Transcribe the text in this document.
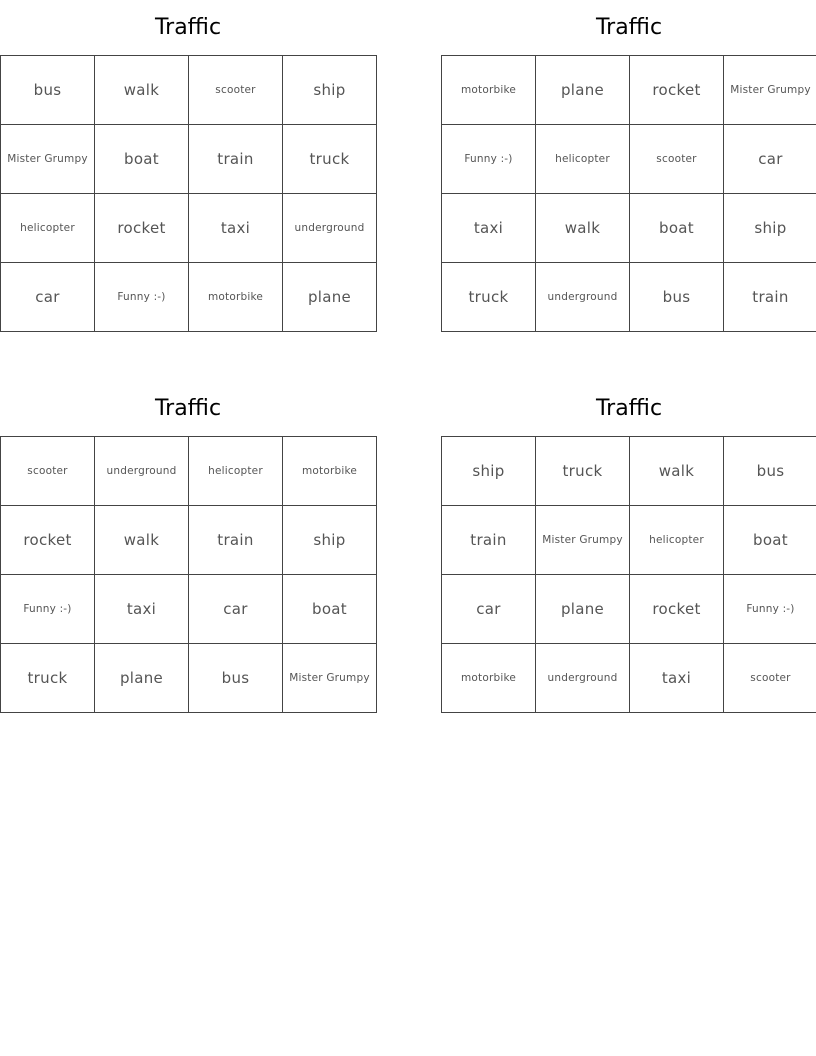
Traffic
bus	walk	scooter	ship
Mister Grumpy	boat	train	truck
helicopter	rocket	taxi	underground
car	Funny :-)	motorbike	plane
Traffic
motorbike	plane	rocket	Mister Grumpy
Funny :-)	helicopter	scooter	car
taxi	walk	boat	ship
truck	underground	bus	train
Traffic
scooter	underground	helicopter	motorbike
rocket	walk	train	ship
Funny :-)	taxi	car	boat
truck	plane	bus	Mister Grumpy
Traffic
ship	truck	walk	bus
train	Mister Grumpy	helicopter	boat
car	plane	rocket	Funny :-)
motorbike	underground	taxi	scooter
